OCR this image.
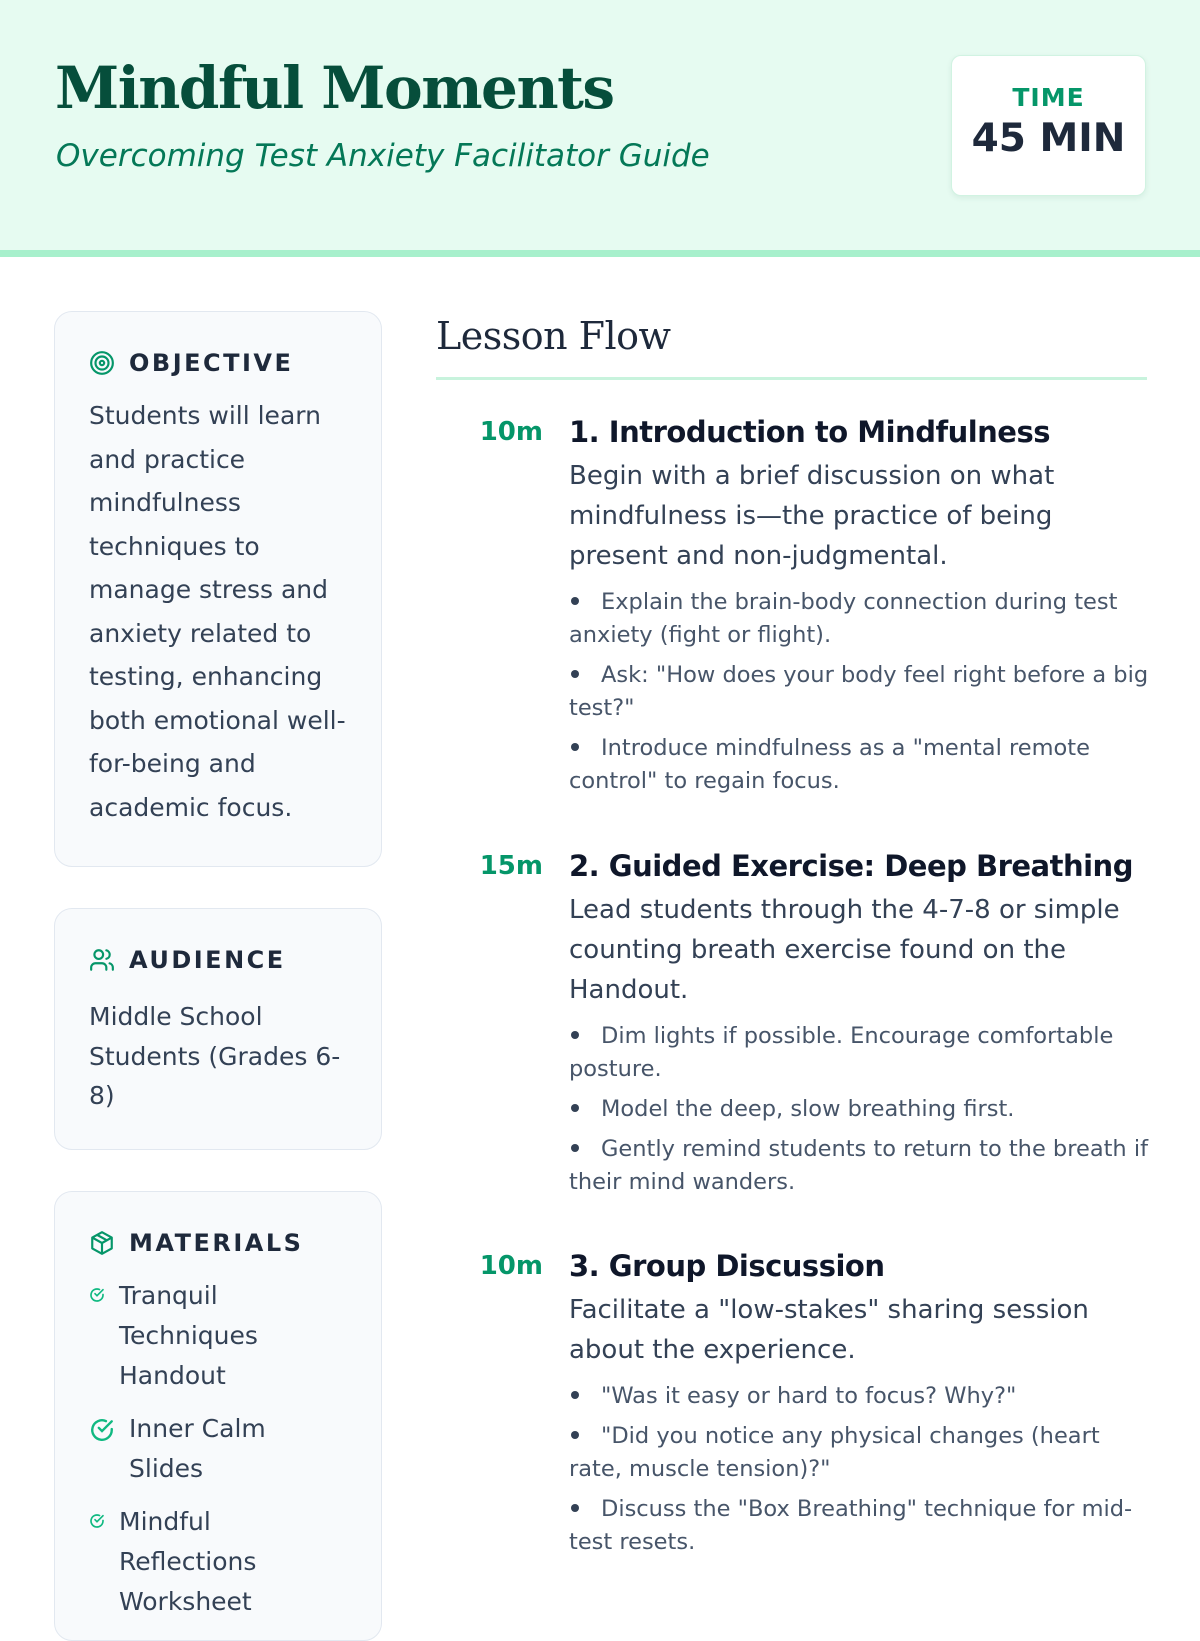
Mindful Moments
Overcoming Test Anxiety Facilitator Guide
TIME
45 MIN
OBJECTIVE
Students will learn and practice mindfulness techniques to manage stress and anxiety related to testing, enhancing both emotional well-for-being and academic focus.
AUDIENCE
Middle School Students (Grades 6-8)
MATERIALS
Tranquil Techniques Handout
Inner Calm Slides
Mindful Reflections Worksheet
Lesson Flow
10m 1. Introduction to Mindfulness
Begin with a brief discussion on what mindfulness is—the practice of being present and non-judgmental.
Explain the brain-body connection during test anxiety (fight or flight).
Ask: "How does your body feel right before a big test?"
Introduce mindfulness as a "mental remote control" to regain focus.
15m 2. Guided Exercise: Deep Breathing
Lead students through the 4-7-8 or simple counting breath exercise found on the Handout.
Dim lights if possible. Encourage comfortable posture.
Model the deep, slow breathing first.
Gently remind students to return to the breath if their mind wanders.
10m 3. Group Discussion
Facilitate a "low-stakes" sharing session about the experience.
"Was it easy or hard to focus? Why?"
"Did you notice any physical changes (heart rate, muscle tension)?"
Discuss the "Box Breathing" technique for mid-test resets.
